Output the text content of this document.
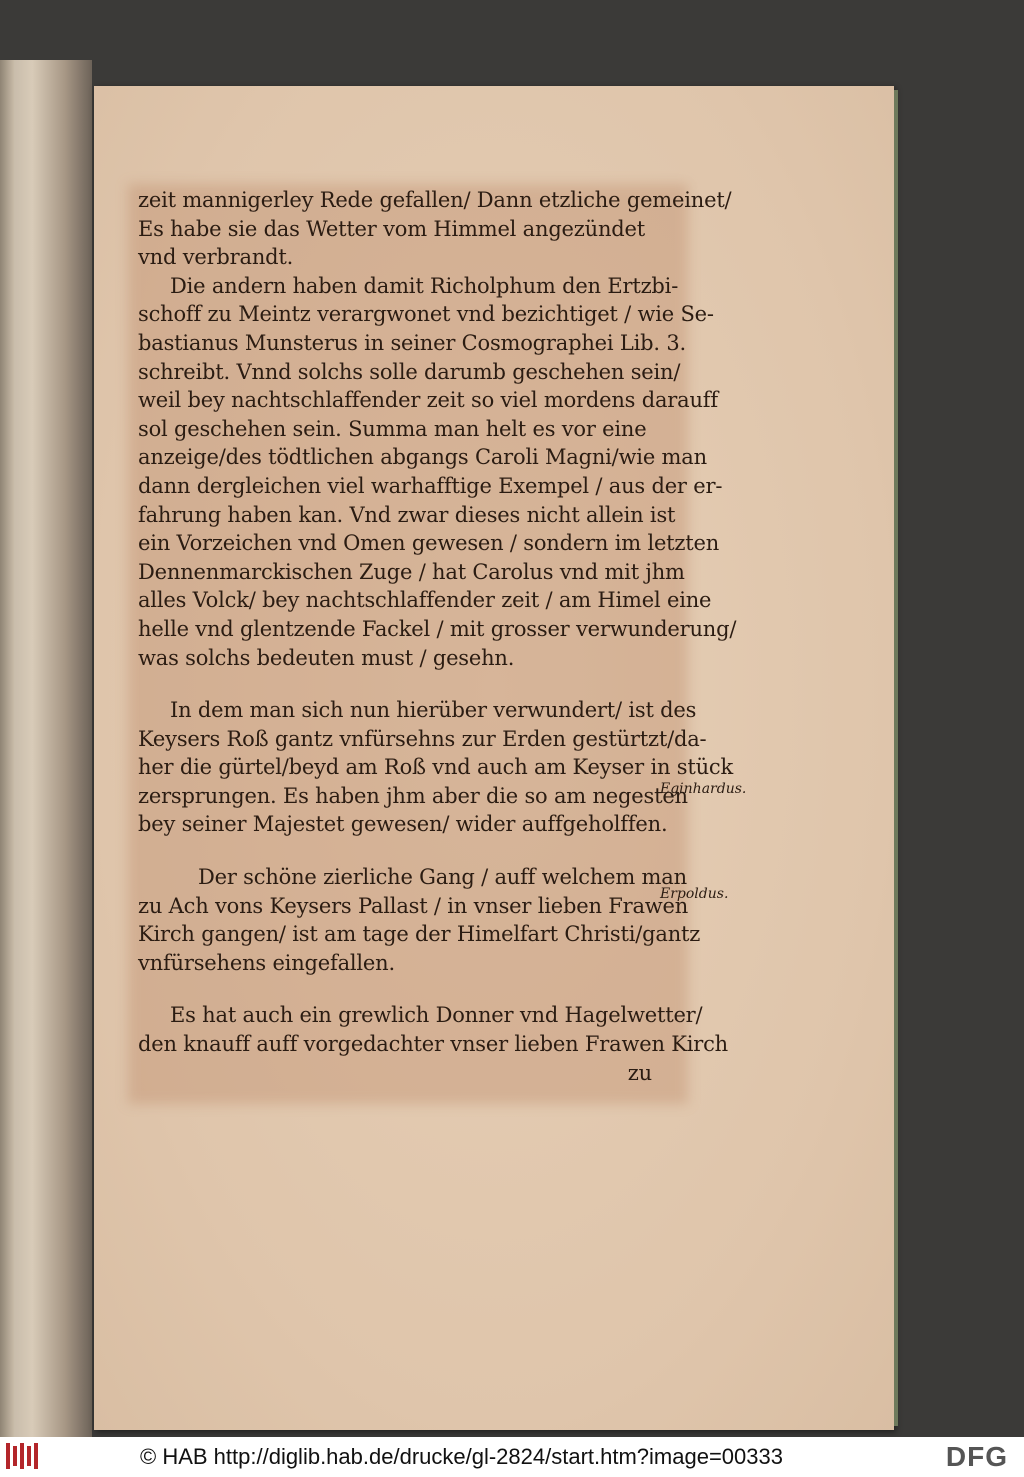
zeit mannigerley Rede gefallen/ Dann etzliche gemeinet/
Es habe sie das Wetter vom Himmel angezündet
vnd verbrandt.
Die andern haben damit Richolphum den Ertzbi-
schoff zu Meintz verargwonet vnd bezichtiget / wie Se-
bastianus Munsterus in seiner Cosmographei Lib. 3.
schreibt. Vnnd solchs solle darumb geschehen sein/
weil bey nachtschlaffender zeit so viel mordens darauff
sol geschehen sein. Summa man helt es vor eine
anzeige/des tödtlichen abgangs Caroli Magni/wie man
dann dergleichen viel warhafftige Exempel / aus der er-
fahrung haben kan. Vnd zwar dieses nicht allein ist
ein Vorzeichen vnd Omen gewesen / sondern im letzten
Dennenmarckischen Zuge / hat Carolus vnd mit jhm
alles Volck/ bey nachtschlaffender zeit / am Himel eine
helle vnd glentzende Fackel / mit grosser verwunderung/
was solchs bedeuten must / gesehn.
In dem man sich nun hierüber verwundert/ ist des
Keysers Roß gantz vnfürsehns zur Erden gestürtzt/da-
her die gürtel/beyd am Roß vnd auch am Keyser in stück
zersprungen. Es haben jhm aber die so am negesten
bey seiner Majestet gewesen/ wider auffgeholffen.
Der schöne zierliche Gang / auff welchem man
zu Ach vons Keysers Pallast / in vnser lieben Frawen
Kirch gangen/ ist am tage der Himelfart Christi/gantz
vnfürsehens eingefallen.
Es hat auch ein grewlich Donner vnd Hagelwetter/
den knauff auff vorgedachter vnser lieben Frawen Kirch
zu
Eginhardus.
Erpoldus.
© HAB http://diglib.hab.de/drucke/gl-2824/start.htm?image=00333	DFG
